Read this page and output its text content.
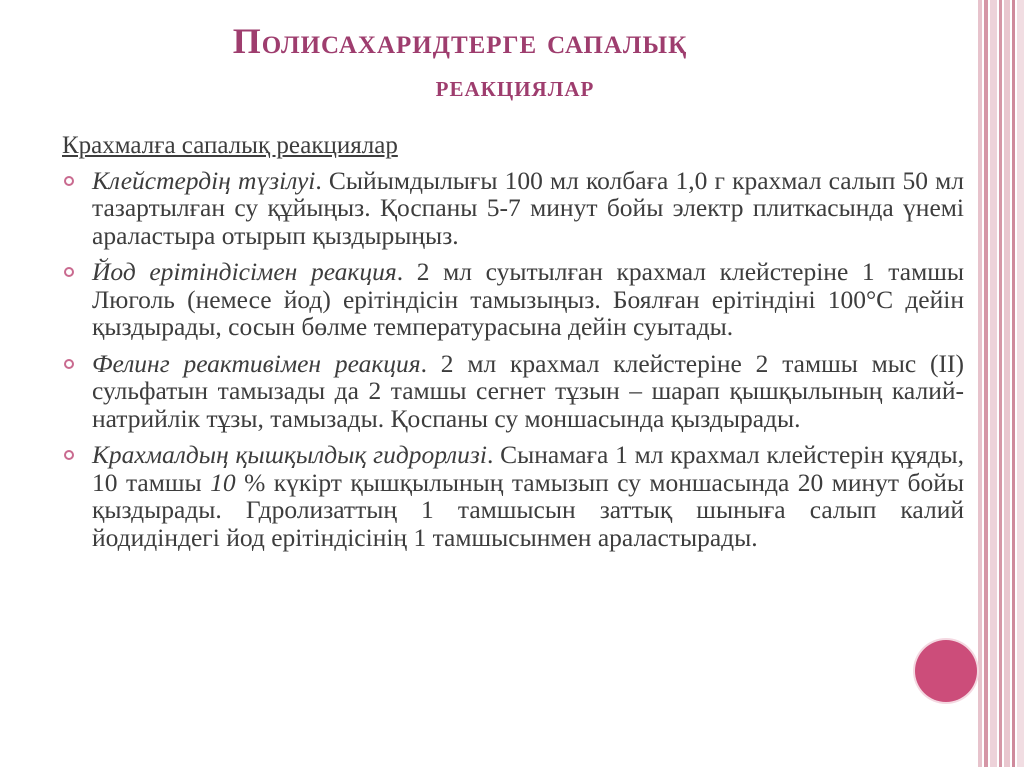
Полисахаридтерге сапалық
реакциялар
Крахмалға сапалық реакциялар
Клейстердің түзілуі. Сыйымдылығы 100 мл колбаға 1,0 г крахмал салып 50 мл тазартылған су құйыңыз. Қоспаны 5-7 минут бойы электр плиткасында үнемі араластыра отырып қыздырыңыз.
Йод ерітіндісімен реакция. 2 мл суытылған крахмал клейстеріне 1 тамшы Люголь (немесе йод) ерітіндісін тамызыңыз. Боялған ерітіндіні 100°С дейін қыздырады, сосын бөлме температурасына дейін суытады.
Фелинг реактивімен реакция. 2 мл крахмал клейстеріне 2 тамшы мыс (ІІ) сульфатын тамызады да 2 тамшы сегнет тұзын – шарап қышқылының калий-натрийлік тұзы, тамызады. Қоспаны су моншасында қыздырады.
Крахмалдың қышқылдық гидрорлизі. Сынамаға 1 мл крахмал клейстерін құяды, 10 тамшы 10 % күкірт қышқылының тамызып су моншасында 20 минут бойы қыздырады. Гдролизаттың 1 тамшысын заттық шыныға салып калий йодидіндегі йод ерітіндісінің 1 тамшысынмен араластырады.
